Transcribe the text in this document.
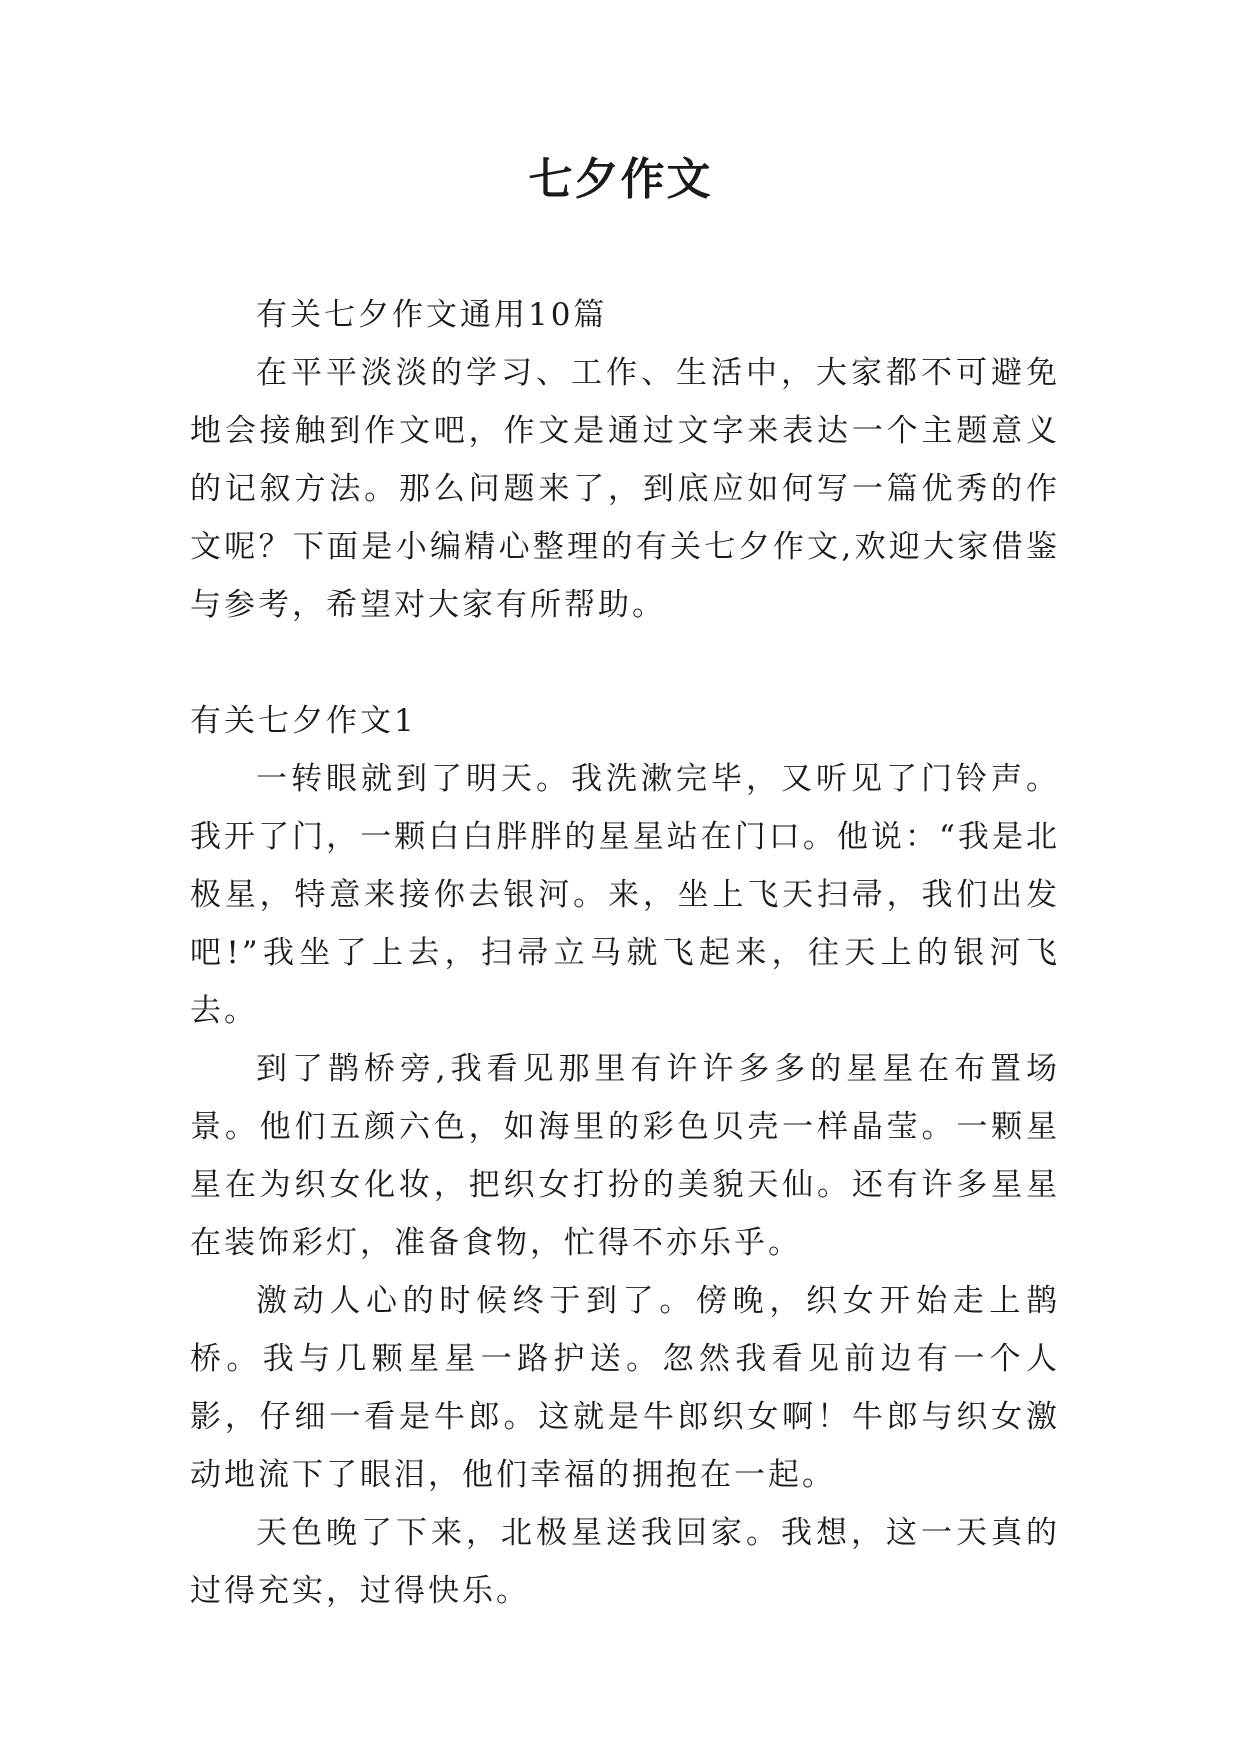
七夕作文

有关七夕作文通用10篇

在平平淡淡的学习、工作、生活中，大家都不可避免地会接触到作文吧，作文是通过文字来表达一个主题意义的记叙方法。那么问题来了，到底应如何写一篇优秀的作文呢？下面是小编精心整理的有关七夕作文,欢迎大家借鉴与参考，希望对大家有所帮助。

有关七夕作文1

一转眼就到了明天。我洗漱完毕，又听见了门铃声。我开了门，一颗白白胖胖的星星站在门口。他说：“我是北极星，特意来接你去银河。来，坐上飞天扫帚，我们出发吧!”我坐了上去，扫帚立马就飞起来，往天上的银河飞去。

到了鹊桥旁,我看见那里有许许多多的星星在布置场景。他们五颜六色，如海里的彩色贝壳一样晶莹。一颗星星在为织女化妆，把织女打扮的美貌天仙。还有许多星星在装饰彩灯，准备食物，忙得不亦乐乎。

激动人心的时候终于到了。傍晚，织女开始走上鹊桥。我与几颗星星一路护送。忽然我看见前边有一个人影，仔细一看是牛郎。这就是牛郎织女啊！牛郎与织女激动地流下了眼泪，他们幸福的拥抱在一起。

天色晚了下来，北极星送我回家。我想，这一天真的过得充实，过得快乐。
